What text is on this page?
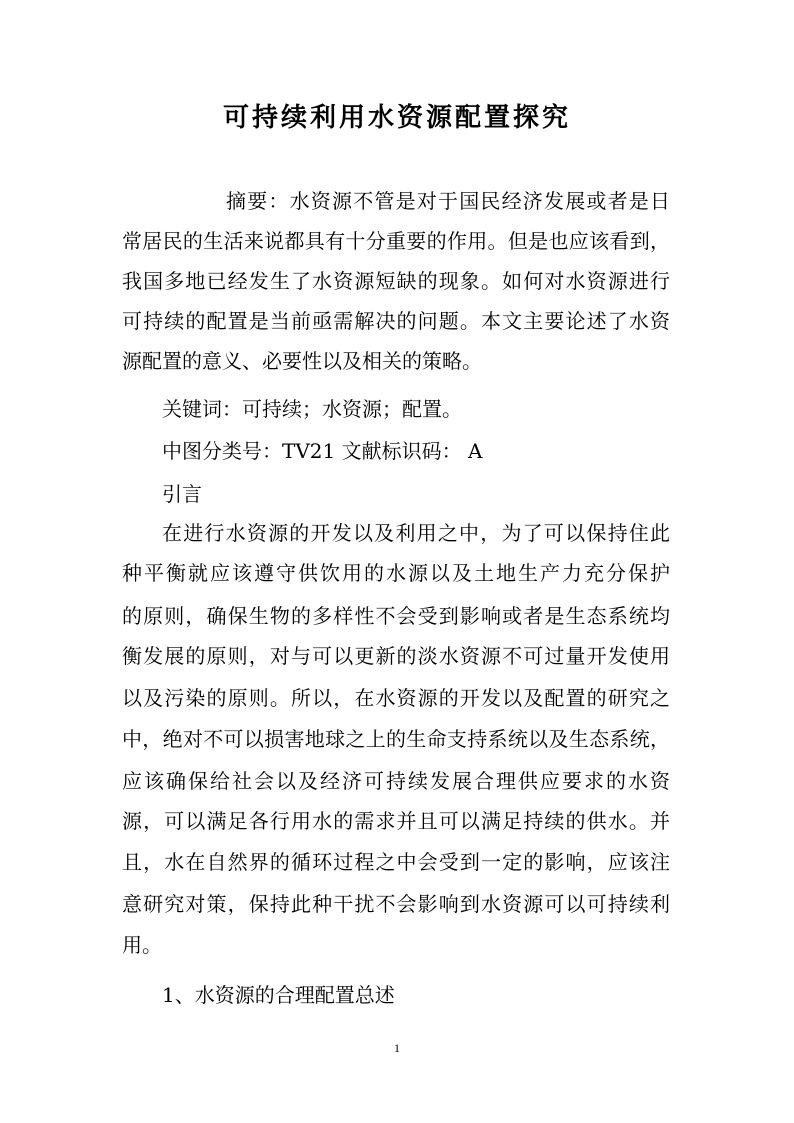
可持续利用水资源配置探究
摘要：水资源不管是对于国民经济发展或者是日
常居民的生活来说都具有十分重要的作用。但是也应该看到，
我国多地已经发生了水资源短缺的现象。如何对水资源进行
可持续的配置是当前亟需解决的问题。本文主要论述了水资
源配置的意义、必要性以及相关的策略。
关键词：可持续；水资源；配置。
中图分类号：TV21 文献标识码： A
引言
在进行水资源的开发以及利用之中，为了可以保持住此
种平衡就应该遵守供饮用的水源以及土地生产力充分保护
的原则，确保生物的多样性不会受到影响或者是生态系统均
衡发展的原则，对与可以更新的淡水资源不可过量开发使用
以及污染的原则。所以，在水资源的开发以及配置的研究之
中，绝对不可以损害地球之上的生命支持系统以及生态系统，
应该确保给社会以及经济可持续发展合理供应要求的水资
源，可以满足各行用水的需求并且可以满足持续的供水。并
且，水在自然界的循环过程之中会受到一定的影响，应该注
意研究对策，保持此种干扰不会影响到水资源可以可持续利
用。
1、水资源的合理配置总述
1
